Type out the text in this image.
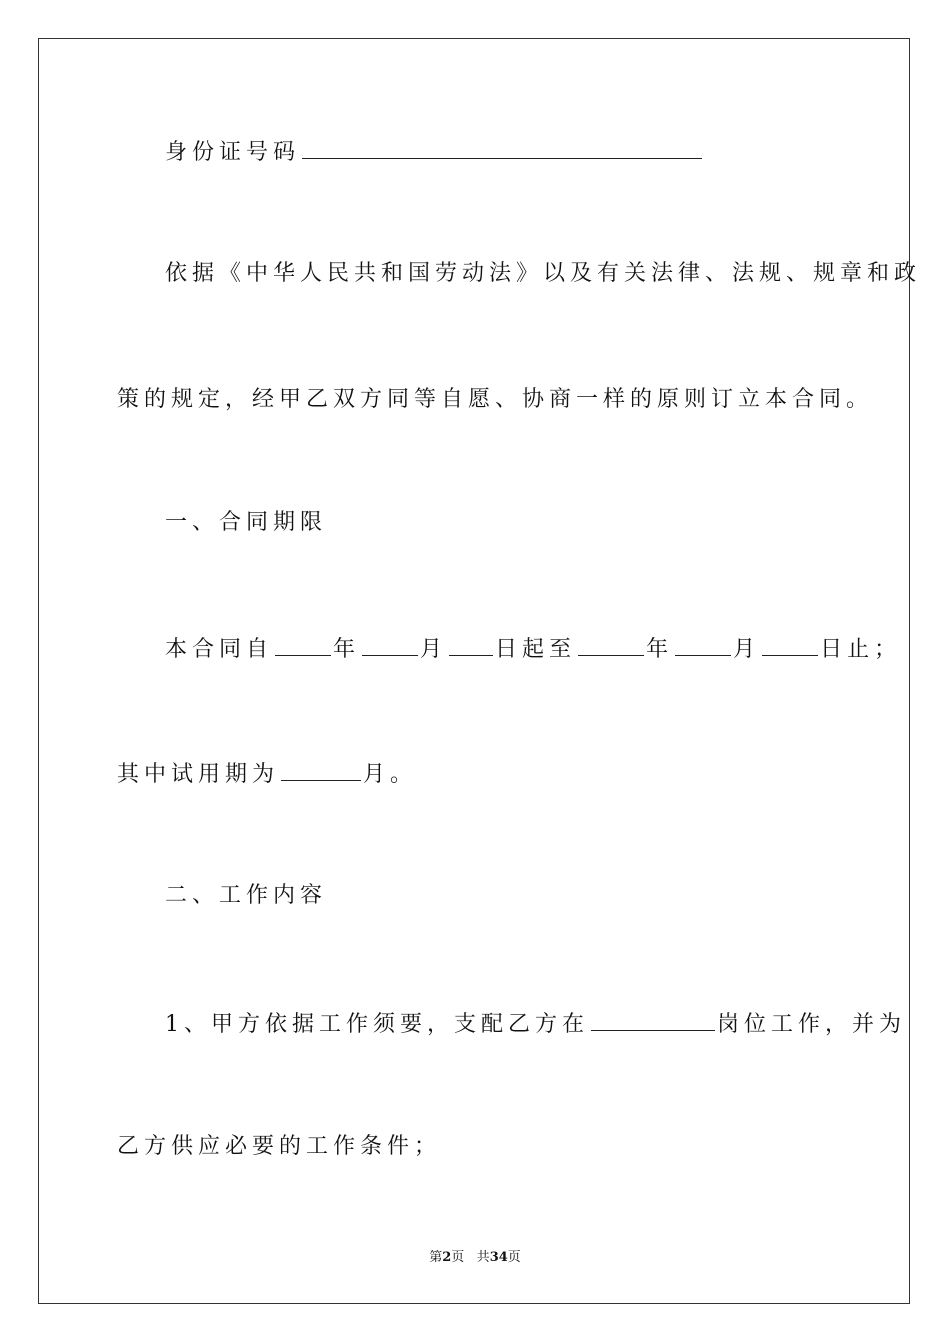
身份证号码
依据《中华人民共和国劳动法》以及有关法律、法规、规章和政
策的规定，经甲乙双方同等自愿、协商一样的原则订立本合同。
一、合同期限
本合同自	年	月 日起至	年	月	日止；
其中试用期为	月。
二、工作内容
1、甲方依据工作须要，支配乙方在	岗位工作，并为
乙方供应必要的工作条件；
第2页 共34页
